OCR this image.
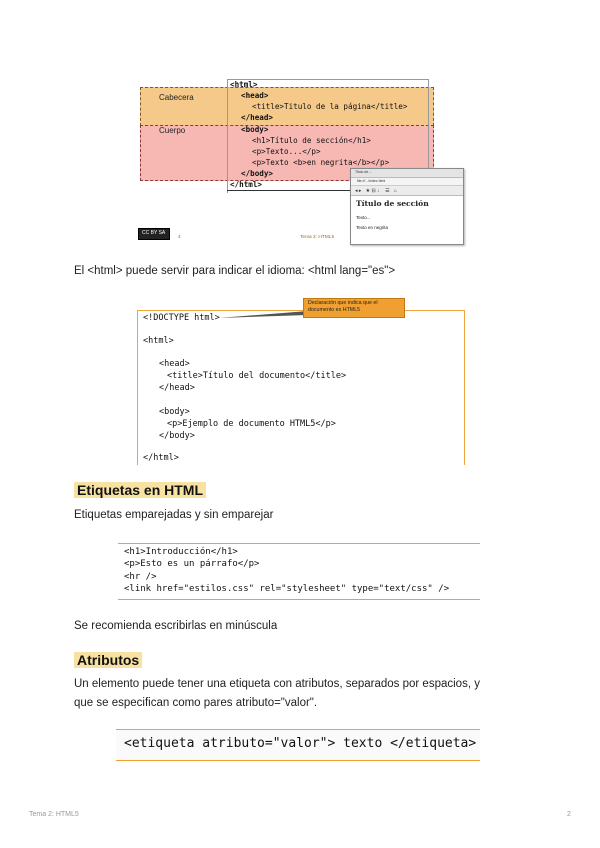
Cabecera
Cuerpo
<html>
<head>
<title>Titulo de la página</title>
</head>
<body>
<h1>Título de sección</h1>
<p>Texto...</p>
<p>Texto <b>en negrita</b></p>
</body>
</html>
Titulo de ...
file:///.../index.html
◂ ▸   ★ ⊟ ↓    ☰   ⌂
Título de sección
Texto...
Texto en negrita
CC BY SA
4	Tema 2: HTML5
El <html> puede servir para indicar el idioma: <html lang="es">
<!DOCTYPE html>
<html>
<head>
<title>Título del documento</title>
</head>
<body>
<p>Ejemplo de documento HTML5</p>
</body>
</html>
Declaración que indica que el documento es HTML5
Etiquetas en HTML
Etiquetas emparejadas y sin emparejar
<h1>Introducción</h1>
<p>Esto es un párrafo</p>
<hr />
<link href="estilos.css" rel="stylesheet" type="text/css" />
Se recomienda escribirlas en minúscula
Atributos
Un elemento puede tener una etiqueta con atributos, separados por espacios, y
que se especifican como pares atributo="valor".
<etiqueta atributo="valor"> texto </etiqueta>
Tema 2: HTML5	2
